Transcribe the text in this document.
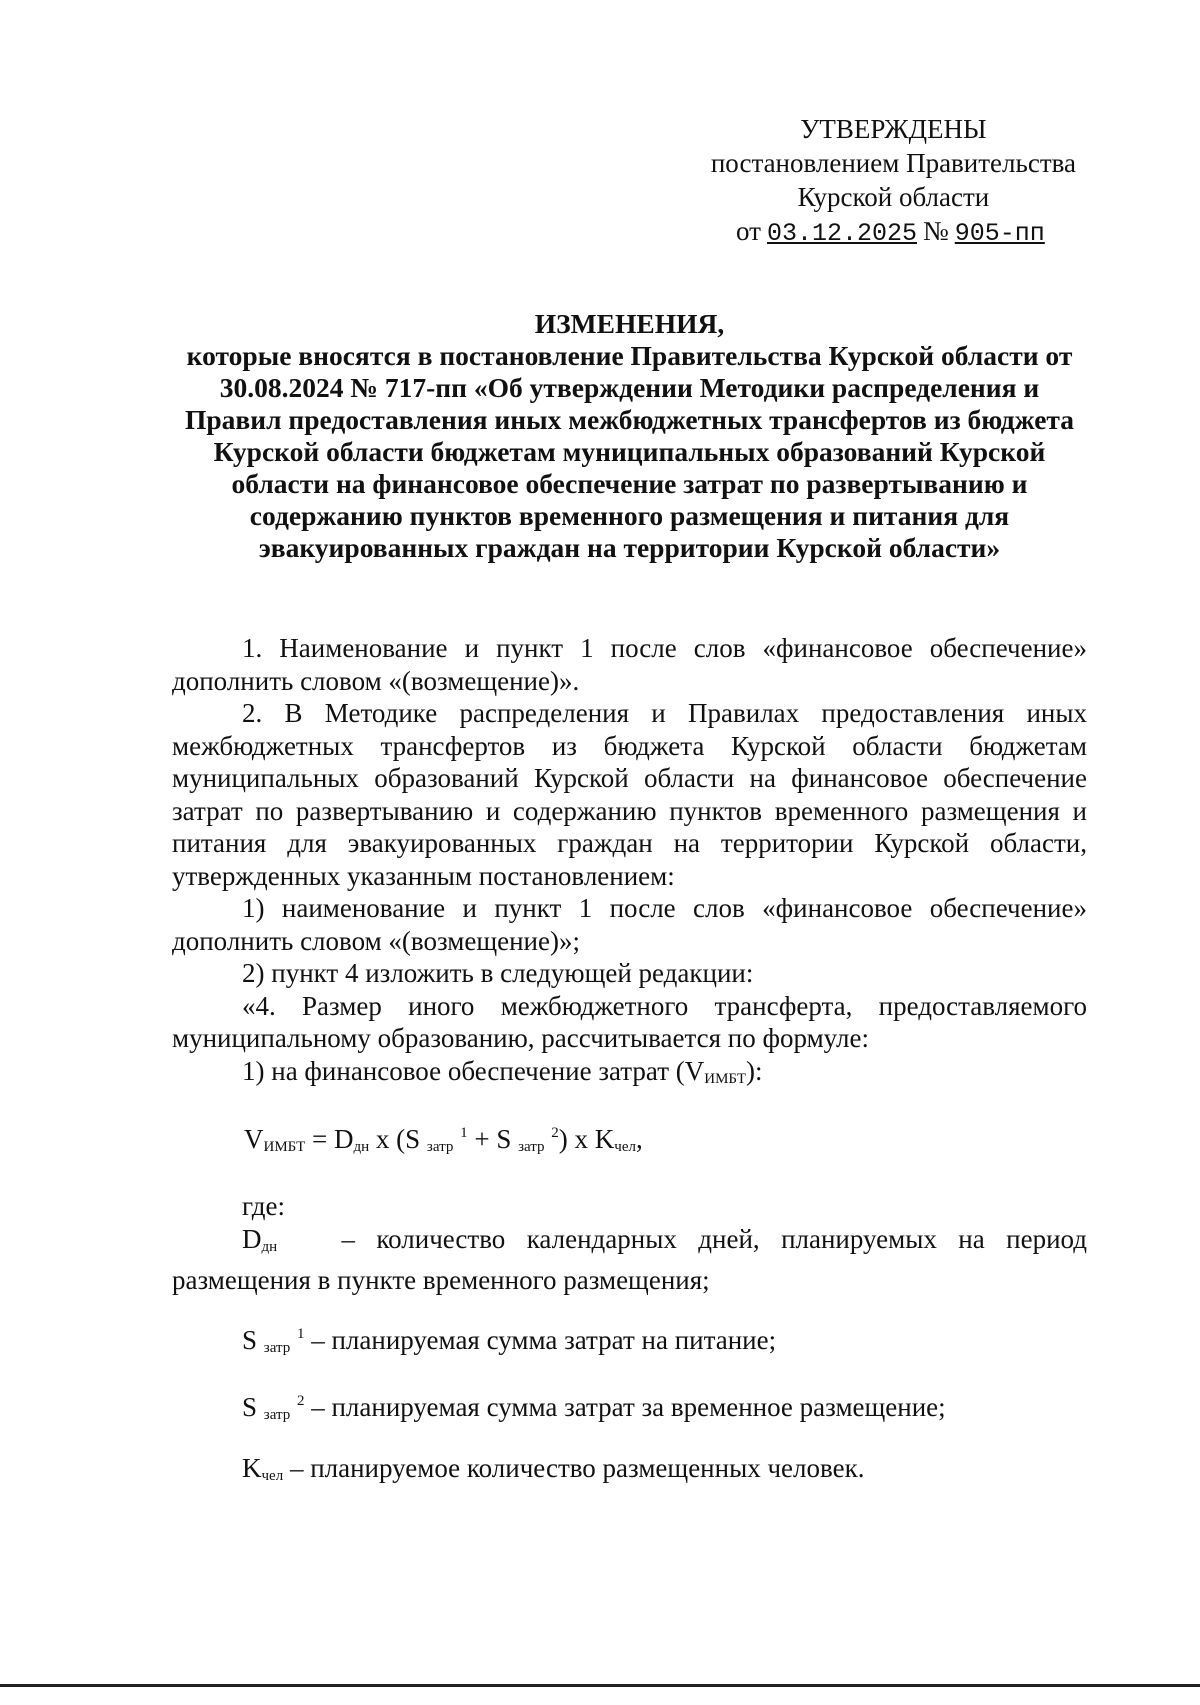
УТВЕРЖДЕНЫ
постановлением Правительства
Курской области
от 03.12.2025 № 905-пп
ИЗМЕНЕНИЯ,
которые вносятся в постановление Правительства Курской области от 30.08.2024 № 717-пп «Об утверждении Методики распределения и Правил предоставления иных межбюджетных трансфертов из бюджета Курской области бюджетам муниципальных образований Курской области на финансовое обеспечение затрат по развертыванию и содержанию пунктов временного размещения и питания для эвакуированных граждан на территории Курской области»

1. Наименование и пункт 1 после слов «финансовое обеспечение» дополнить словом «(возмещение)».

2. В Методике распределения и Правилах предоставления иных межбюджетных трансфертов из бюджета Курской области бюджетам муниципальных образований Курской области на финансовое обеспечение затрат по развертыванию и содержанию пунктов временного размещения и питания для эвакуированных граждан на территории Курской области, утвержденных указанным постановлением:

1) наименование и пункт 1 после слов «финансовое обеспечение» дополнить словом «(возмещение)»;

2) пункт 4 изложить в следующей редакции:

«4. Размер иного межбюджетного трансферта, предоставляемого муниципальному образованию, рассчитывается по формуле:

1) на финансовое обеспечение затрат $(V_{ИМБТ})$:

$V_{ИМБТ} = D_{дн}$ x (S $_{затр}$ $^1$ + S $_{затр}$ $^2$) x $K_{чел}$,

где:

$D_{дн}$ – количество календарных дней, планируемых на период размещения в пункте временного размещения;

S $_{затр}$ $^1$ – планируемая сумма затрат на питание;

S $_{затр}$ $^2$ – планируемая сумма затрат за временное размещение;

$K_{чел}$ – планируемое количество размещенных человек.
